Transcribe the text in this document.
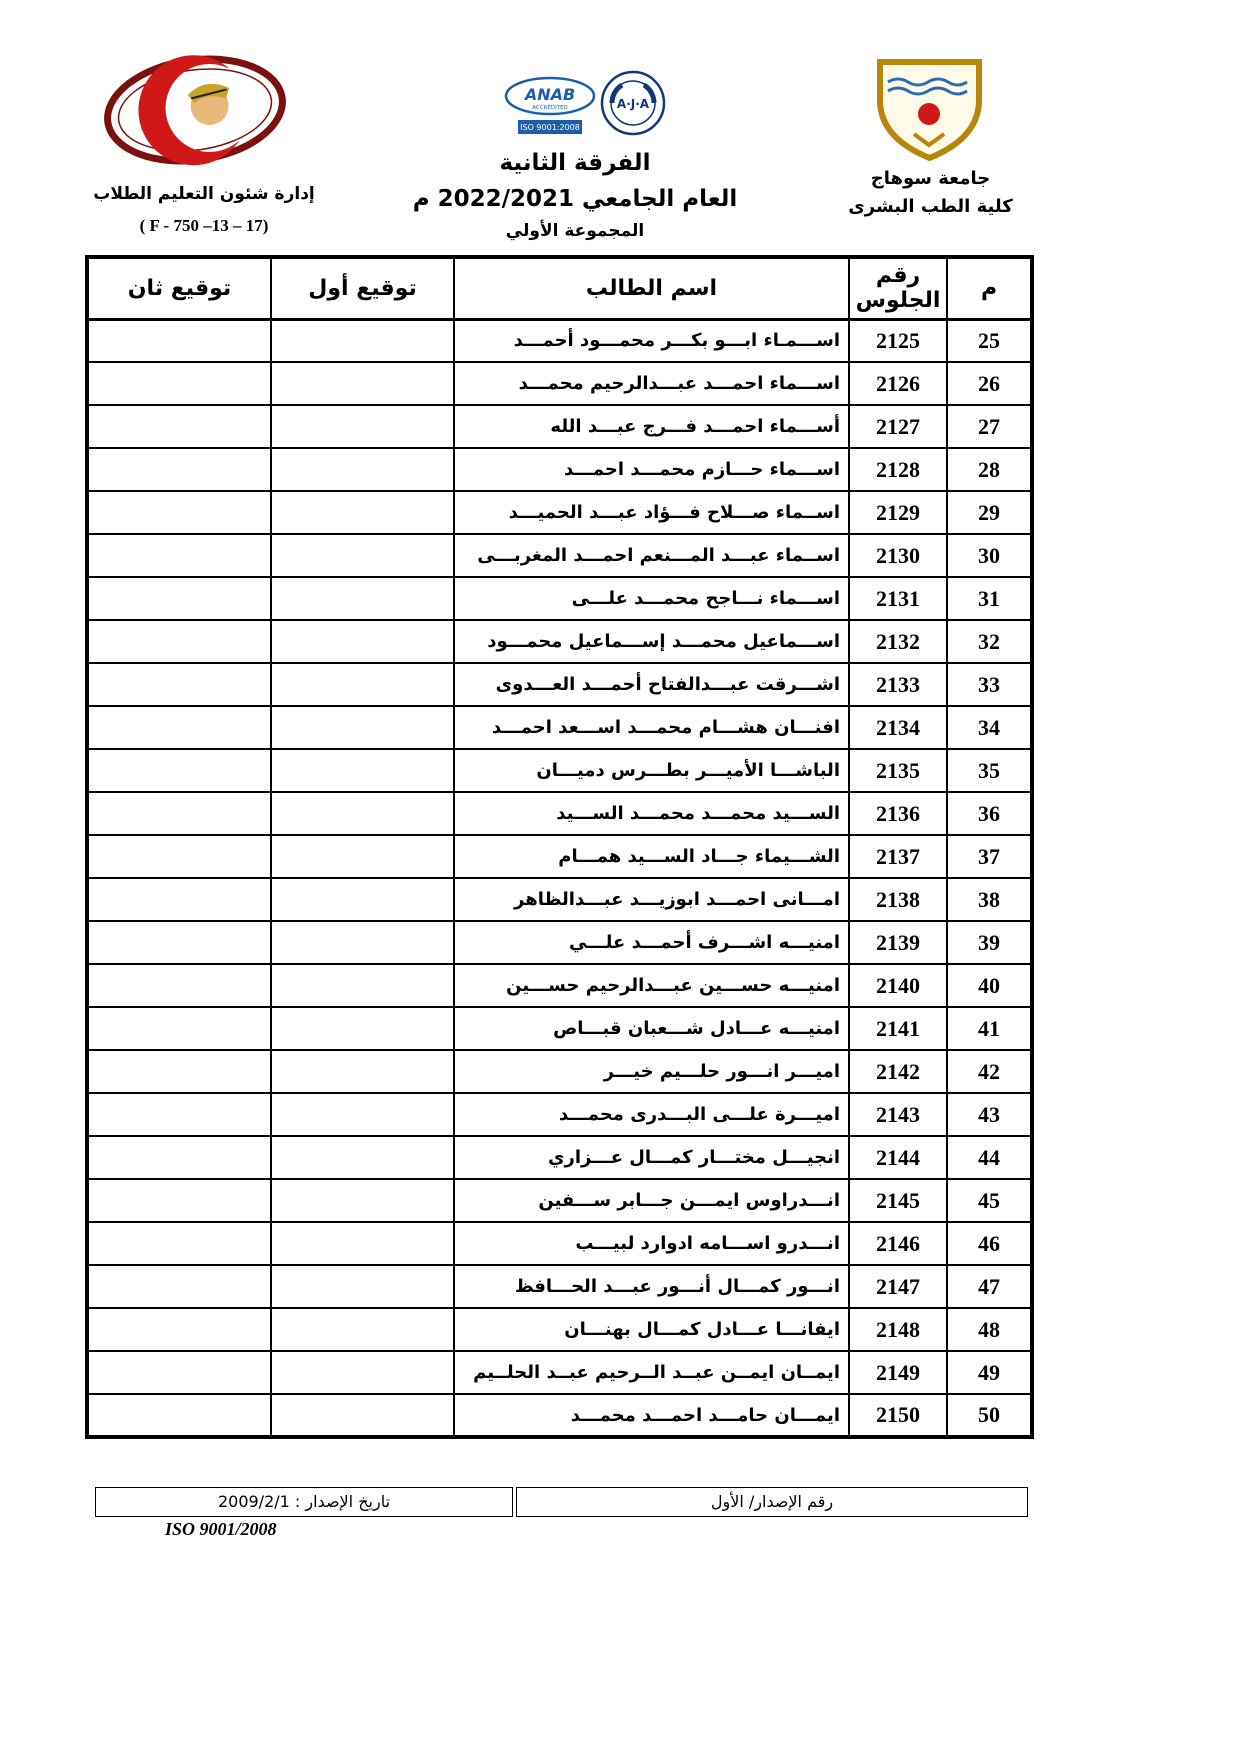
جامعة سوهاج
كلية الطب البشرى
ANAB
ACCREDITED
ISO 9001:2008
A·J·A
الفرقة الثانية
العام الجامعي 2022/2021 م
المجموعة الأولي
إدارة شئون التعليم الطلاب
( F - 750 –13 – 17)
م	رقم الجلوس	اسم الطالب	توقيع أول	توقيع ثان
25	2125	اســـمـاء ابـــو بكـــر محمـــود أحمـــد		
26	2126	اســـماء احمـــد عبـــدالرحيم محمـــد		
27	2127	أســـماء احمـــد فـــرج عبـــد الله		
28	2128	اســـماء حـــازم محمـــد احمـــد		
29	2129	اســماء صـــلاح فـــؤاد عبـــد الحميـــد		
30	2130	اســماء عبـــد المـــنعم احمـــد المغربـــى		
31	2131	اســـماء نـــاجح محمـــد علـــى		
32	2132	اســـماعيل محمـــد إســـماعيل محمـــود		
33	2133	اشـــرقت عبـــدالفتاح أحمـــد العـــدوى		
34	2134	افنـــان هشـــام محمـــد اســـعد احمـــد		
35	2135	الباشـــا الأميـــر بطـــرس دميـــان		
36	2136	الســـيد محمـــد محمـــد الســـيد		
37	2137	الشـــيماء جـــاد الســـيد همـــام		
38	2138	امـــانى احمـــد ابوزيـــد عبـــدالظاهر		
39	2139	امنيـــه اشـــرف أحمـــد علـــي		
40	2140	امنيـــه حســـين عبـــدالرحيم حســـين		
41	2141	امنيـــه عـــادل شـــعبان قبـــاص		
42	2142	اميـــر انـــور حلـــيم خيـــر		
43	2143	اميـــرة علـــى البـــدرى محمـــد		
44	2144	انجيـــل مختـــار كمـــال عـــزاري		
45	2145	انـــدراوس ايمـــن جـــابر ســـفين		
46	2146	انـــدرو اســـامه ادوارد لبيـــب		
47	2147	انـــور كمـــال أنـــور عبـــد الحـــافظ		
48	2148	ايفانـــا عـــادل كمـــال بهنـــان		
49	2149	ايمــان ايمــن عبــد الــرحيم عبــد الحلــيم		
50	2150	ايمـــان حامـــد احمـــد محمـــد		
رقم الإصدار/ الأول
تاريخ الإصدار : 2009/2/1
ISO 9001/2008
